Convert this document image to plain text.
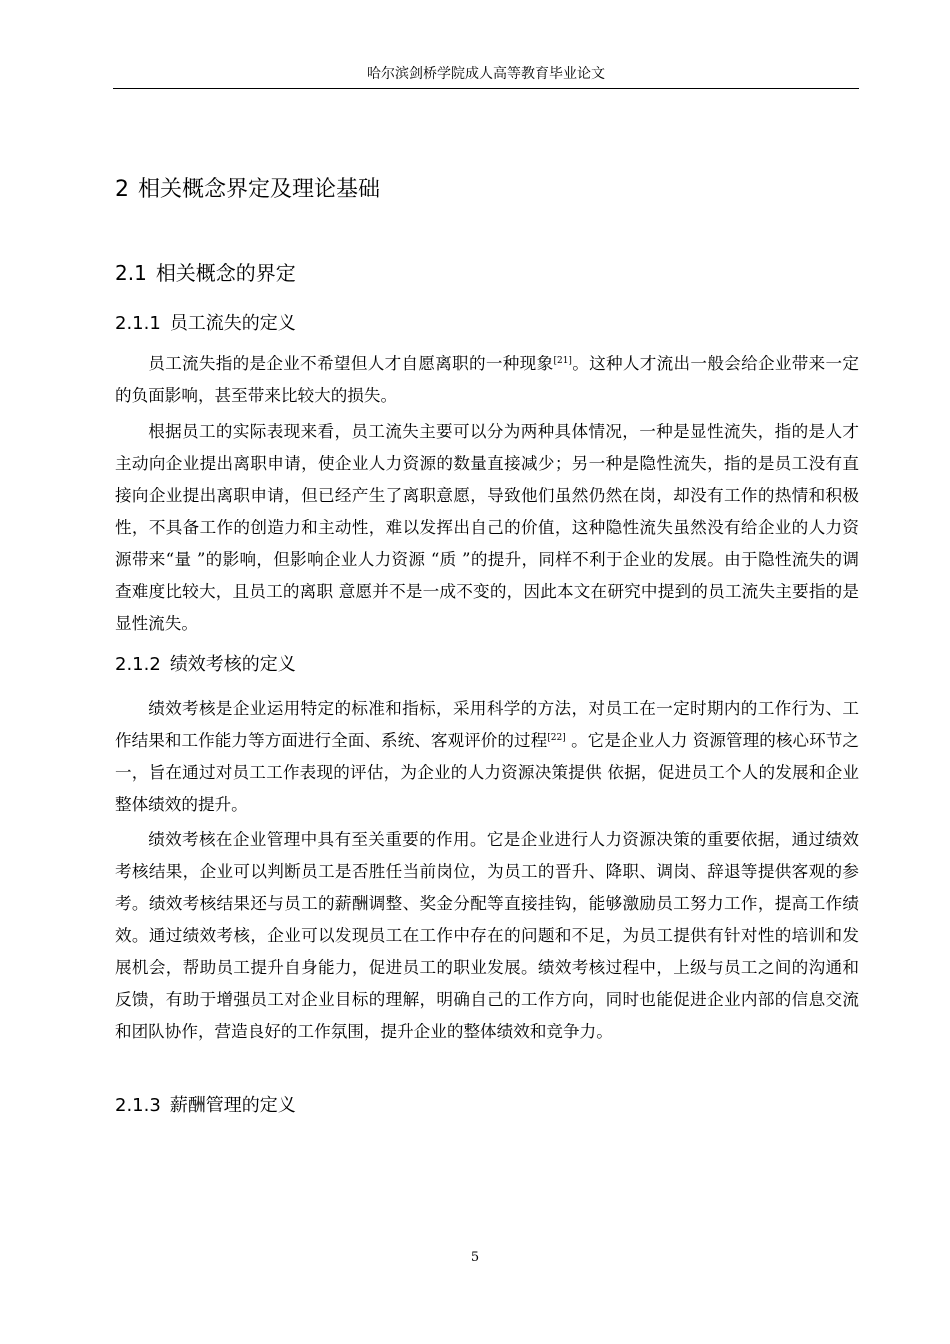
哈尔滨剑桥学院成人高等教育毕业论文
2 相关概念界定及理论基础
2.1 相关概念的界定
2.1.1 员工流失的定义

员工流失指的是企业不希望但人才自愿离职的一种现象[21]。这种人才流出一般会给企业带来一定的负面影响，甚至带来比较大的损失。

根据员工的实际表现来看，员工流失主要可以分为两种具体情况，一种是显性流失，指的是人才主动向企业提出离职申请，使企业人力资源的数量直接减少；另一种是隐性流失，指的是员工没有直接向企业提出离职申请，但已经产生了离职意愿，导致他们虽然仍然在岗，却没有工作的热情和积极性，不具备工作的创造力和主动性，难以发挥出自己的价值，这种隐性流失虽然没有给企业的人力资源带来“量 ”的影响，但影响企业人力资源 “质 ”的提升，同样不利于企业的发展。由于隐性流失的调查难度比较大，且员工的离职 意愿并不是一成不变的，因此本文在研究中提到的员工流失主要指的是显性流失。

2.1.2 绩效考核的定义

绩效考核是企业运用特定的标准和指标，采用科学的方法，对员工在一定时期内的工作行为、工作结果和工作能力等方面进行全面、系统、客观评价的过程[22] 。它是企业人力 资源管理的核心环节之一，旨在通过对员工工作表现的评估，为企业的人力资源决策提供 依据，促进员工个人的发展和企业整体绩效的提升。

绩效考核在企业管理中具有至关重要的作用。它是企业进行人力资源决策的重要依据，通过绩效考核结果，企业可以判断员工是否胜任当前岗位，为员工的晋升、降职、调岗、辞退等提供客观的参考。绩效考核结果还与员工的薪酬调整、奖金分配等直接挂钩，能够激励员工努力工作，提高工作绩效。通过绩效考核，企业可以发现员工在工作中存在的问题和不足，为员工提供有针对性的培训和发展机会，帮助员工提升自身能力，促进员工的职业发展。绩效考核过程中，上级与员工之间的沟通和反馈，有助于增强员工对企业目标的理解，明确自己的工作方向，同时也能促进企业内部的信息交流和团队协作，营造良好的工作氛围，提升企业的整体绩效和竞争力。

2.1.3 薪酬管理的定义
5
